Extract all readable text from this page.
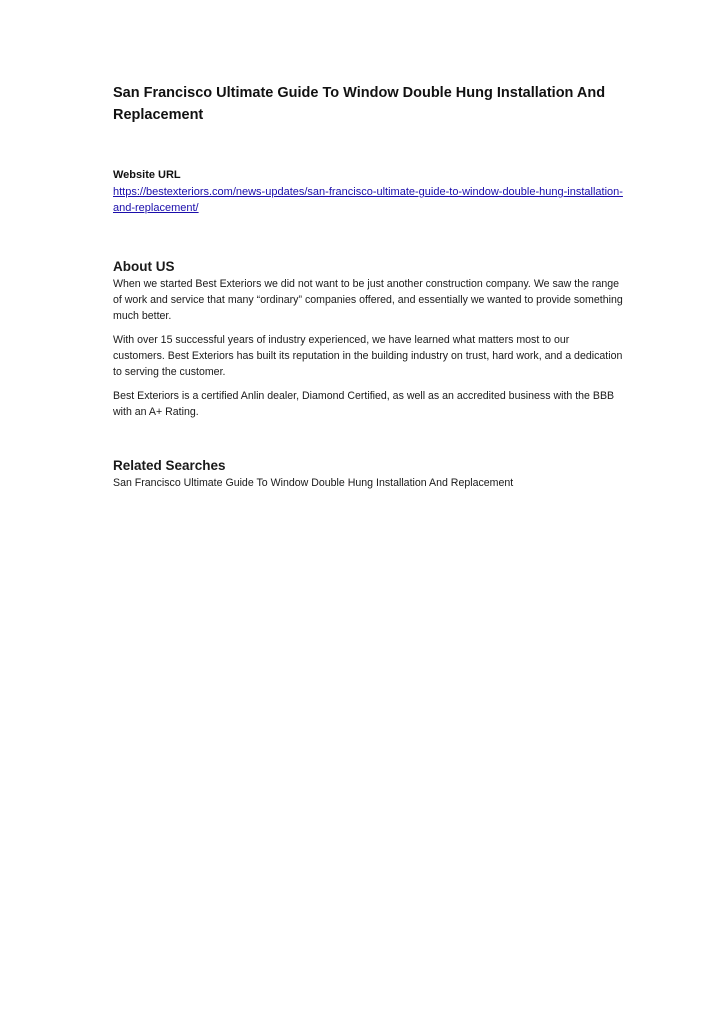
San Francisco Ultimate Guide To Window Double Hung Installation And Replacement
Website URL
https://bestexteriors.com/news-updates/san-francisco-ultimate-guide-to-window-double-hung-installation-and-replacement/
About US

When we started Best Exteriors we did not want to be just another construction company. We saw the range of work and service that many “ordinary” companies offered, and essentially we wanted to provide something much better.

With over 15 successful years of industry experienced, we have learned what matters most to our customers. Best Exteriors has built its reputation in the building industry on trust, hard work, and a dedication to serving the customer.

Best Exteriors is a certified Anlin dealer, Diamond Certified, as well as an accredited business with the BBB with an A+ Rating.

Related Searches

San Francisco Ultimate Guide To Window Double Hung Installation And Replacement
